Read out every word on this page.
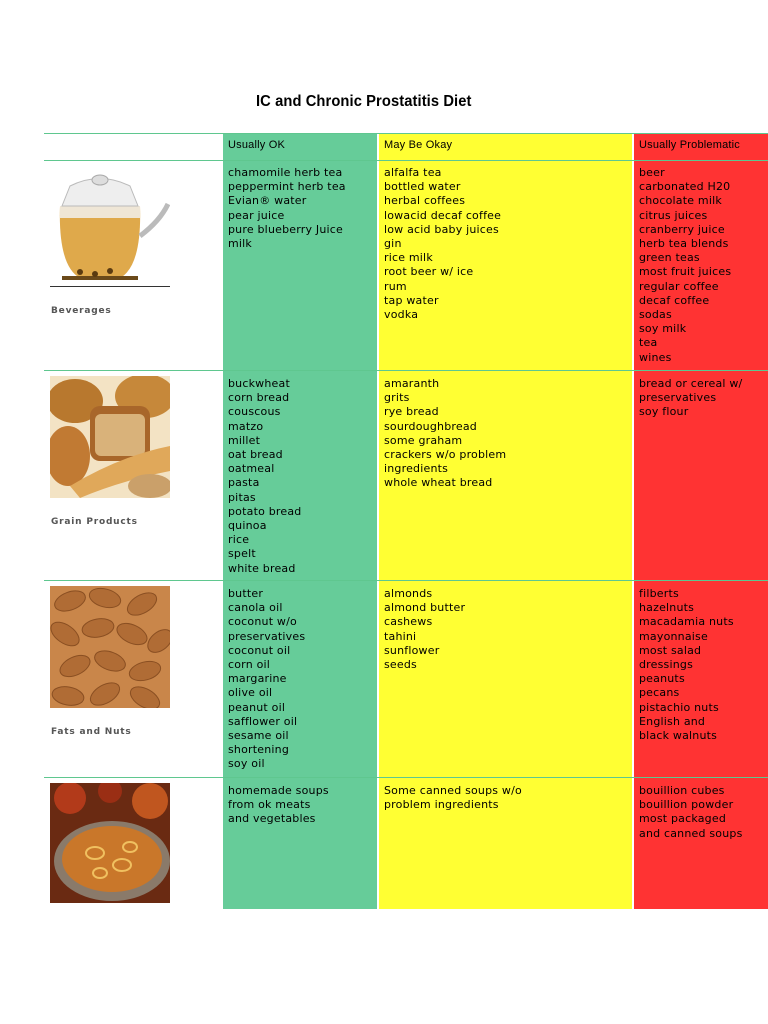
IC and Chronic Prostatitis Diet
Usually OK	May Be Okay	Usually Problematic
Beverages
Grain Products
Fats and Nuts
chamomile herb tea
peppermint herb tea
Evian® water
pear juice
pure blueberry Juice
milk
alfalfa tea
bottled water
herbal coffees
lowacid decaf coffee
low acid baby juices
gin
rice milk
root beer w/ ice
rum
tap water
vodka
beer
carbonated H20
chocolate milk
citrus juices
cranberry juice
herb tea blends
green teas
most fruit juices
regular coffee
decaf coffee
sodas
soy milk
tea
wines
buckwheat
corn bread
couscous
matzo
millet
oat bread
oatmeal
pasta
pitas
potato bread
quinoa
rice
spelt
white bread
amaranth
grits
rye bread
sourdoughbread
some graham
crackers w/o problem
ingredients
whole wheat bread
bread or cereal w/
preservatives
soy flour
butter
canola oil
coconut w/o
preservatives
coconut oil
corn oil
margarine
olive oil
peanut oil
safflower oil
sesame oil
shortening
soy oil
almonds
almond butter
cashews
tahini
sunflower
seeds
filberts
hazelnuts
macadamia nuts
mayonnaise
most salad
dressings
peanuts
pecans
pistachio nuts
English and
black walnuts
homemade soups
from ok meats
and vegetables
Some canned soups w/o
problem ingredients
bouillion cubes
bouillion powder
most packaged
and canned soups
